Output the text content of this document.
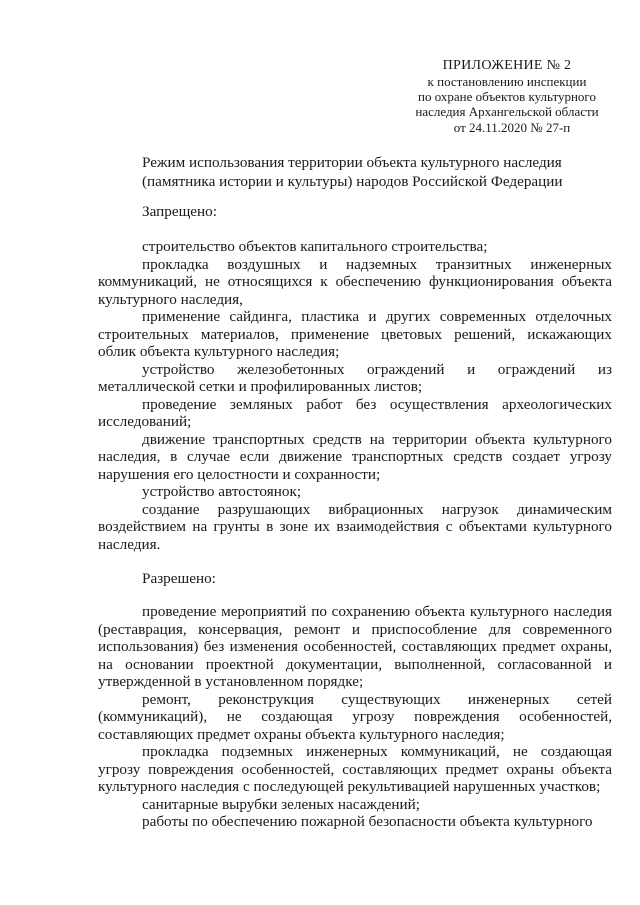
ПРИЛОЖЕНИЕ № 2
к постановлению инспекции
по охране объектов культурного
наследия Архангельской области
от 24.11.2020 № 27-п
Режим использования территории объекта культурного наследия
(памятника истории и культуры) народов Российской Федерации
Запрещено:

строительство объектов капитального строительства;

прокладка воздушных и надземных транзитных инженерных коммуникаций, не относящихся к обеспечению функционирования объекта культурного наследия,

применение сайдинга, пластика и других современных отделочных строительных материалов, применение цветовых решений, искажающих облик объекта культурного наследия;

устройство железобетонных ограждений и ограждений из металлической сетки и профилированных листов;

проведение земляных работ без осуществления археологических исследований;

движение транспортных средств на территории объекта культурного наследия, в случае если движение транспортных средств создает угрозу нарушения его целостности и сохранности;

устройство автостоянок;

создание разрушающих вибрационных нагрузок динамическим воздействием на грунты в зоне их взаимодействия с объектами культурного наследия.

Разрешено:

проведение мероприятий по сохранению объекта культурного наследия (реставрация, консервация, ремонт и приспособление для современного использования) без изменения особенностей, составляющих предмет охраны, на основании проектной документации, выполненной, согласованной и утвержденной в установленном порядке;

ремонт, реконструкция существующих инженерных сетей (коммуникаций), не создающая угрозу повреждения особенностей, составляющих предмет охраны объекта культурного наследия;

прокладка подземных инженерных коммуникаций, не создающая угрозу повреждения особенностей, составляющих предмет охраны объекта культурного наследия с последующей рекультивацией нарушенных участков;

санитарные вырубки зеленых насаждений;

работы по обеспечению пожарной безопасности объекта культурного
